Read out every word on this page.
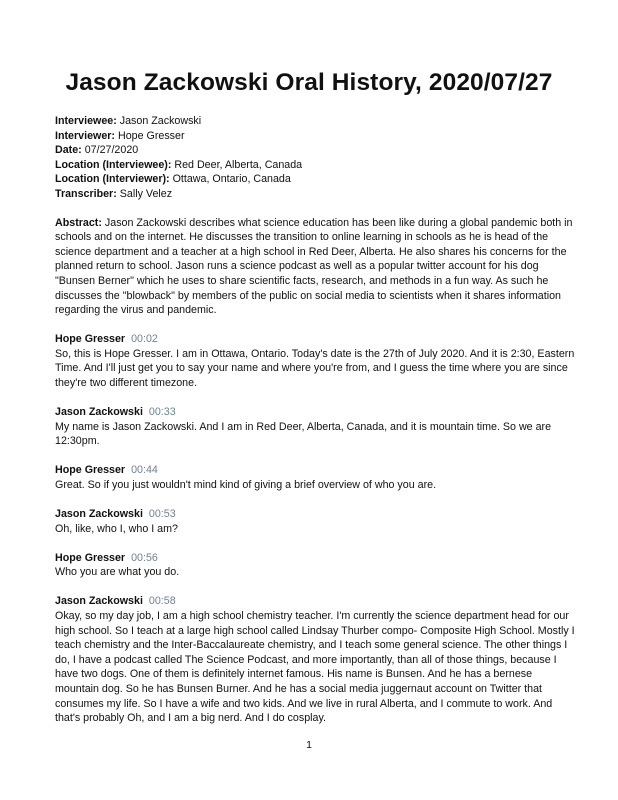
Jason Zackowski Oral History, 2020/07/27

Interviewee: Jason Zackowski

Interviewer: Hope Gresser

Date: 07/27/2020

Location (Interviewee): Red Deer, Alberta, Canada

Location (Interviewer): Ottawa, Ontario, Canada

Transcriber: Sally Velez

Abstract: Jason Zackowski describes what science education has been like during a global pandemic both in schools and on the internet. He discusses the transition to online learning in schools as he is head of the science department and a teacher at a high school in Red Deer, Alberta. He also shares his concerns for the planned return to school. Jason runs a science podcast as well as a popular twitter account for his dog "Bunsen Berner" which he uses to share scientific facts, research, and methods in a fun way. As such he discusses the "blowback" by members of the public on social media to scientists when it shares information regarding the virus and pandemic.

Hope Gresser 00:02

So, this is Hope Gresser. I am in Ottawa, Ontario. Today's date is the 27th of July 2020. And it is 2:30, Eastern Time. And I'll just get you to say your name and where you're from, and I guess the time where you are since they're two different timezone.

Jason Zackowski 00:33

My name is Jason Zackowski. And I am in Red Deer, Alberta, Canada, and it is mountain time. So we are 12:30pm.

Hope Gresser 00:44

Great. So if you just wouldn't mind kind of giving a brief overview of who you are.

Jason Zackowski 00:53

Oh, like, who I, who I am?

Hope Gresser 00:56

Who you are what you do.

Jason Zackowski 00:58

Okay, so my day job, I am a high school chemistry teacher. I'm currently the science department head for our high school. So I teach at a large high school called Lindsay Thurber compo- Composite High School. Mostly I teach chemistry and the Inter-Baccalaureate chemistry, and I teach some general science. The other things I do, I have a podcast called The Science Podcast, and more importantly, than all of those things, because I have two dogs. One of them is definitely internet famous. His name is Bunsen. And he has a bernese mountain dog. So he has Bunsen Burner. And he has a social media juggernaut account on Twitter that consumes my life. So I have a wife and two kids. And we live in rural Alberta, and I commute to work. And that's probably Oh, and I am a big nerd. And I do cosplay.

1
